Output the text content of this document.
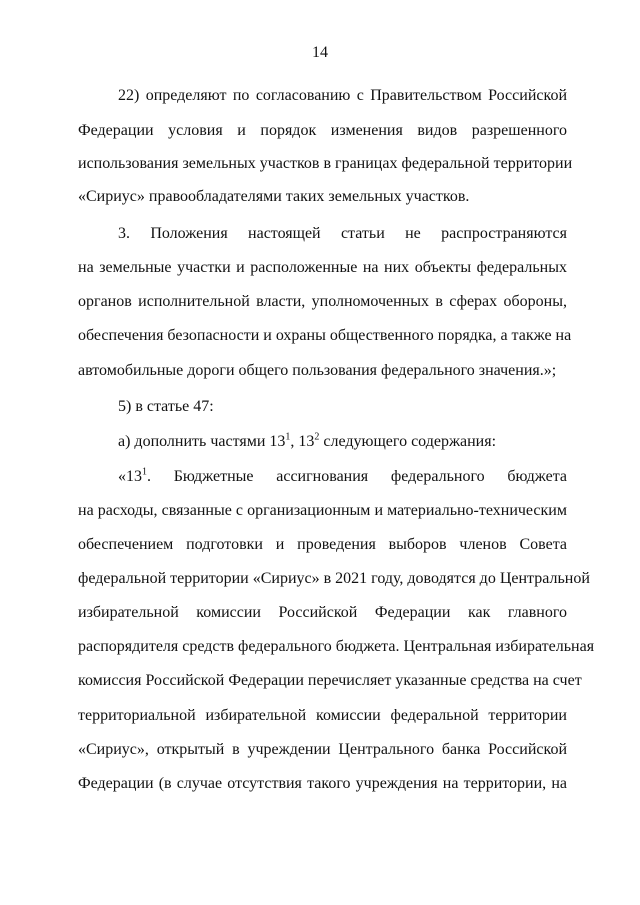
14
22) определяют по согласованию с Правительством Российской
Федерации условия и порядок изменения видов разрешенного
использования земельных участков в границах федеральной территории
«Сириус» правообладателями таких земельных участков.
3. Положения настоящей статьи не распространяются
на земельные участки и расположенные на них объекты федеральных
органов исполнительной власти, уполномоченных в сферах обороны,
обеспечения безопасности и охраны общественного порядка, а также на
автомобильные дороги общего пользования федерального значения.»;
5) в статье 47:
а) дополнить частями $13^1$, $13^2$ следующего содержания:
«$13^1$. Бюджетные ассигнования федерального бюджета
на расходы, связанные с организационным и материально-техническим
обеспечением подготовки и проведения выборов членов Совета
федеральной территории «Сириус» в 2021 году, доводятся до Центральной
избирательной комиссии Российской Федерации как главного
распорядителя средств федерального бюджета. Центральная избирательная
комиссия Российской Федерации перечисляет указанные средства на счет
территориальной избирательной комиссии федеральной территории
«Сириус», открытый в учреждении Центрального банка Российской
Федерации (в случае отсутствия такого учреждения на территории, на
